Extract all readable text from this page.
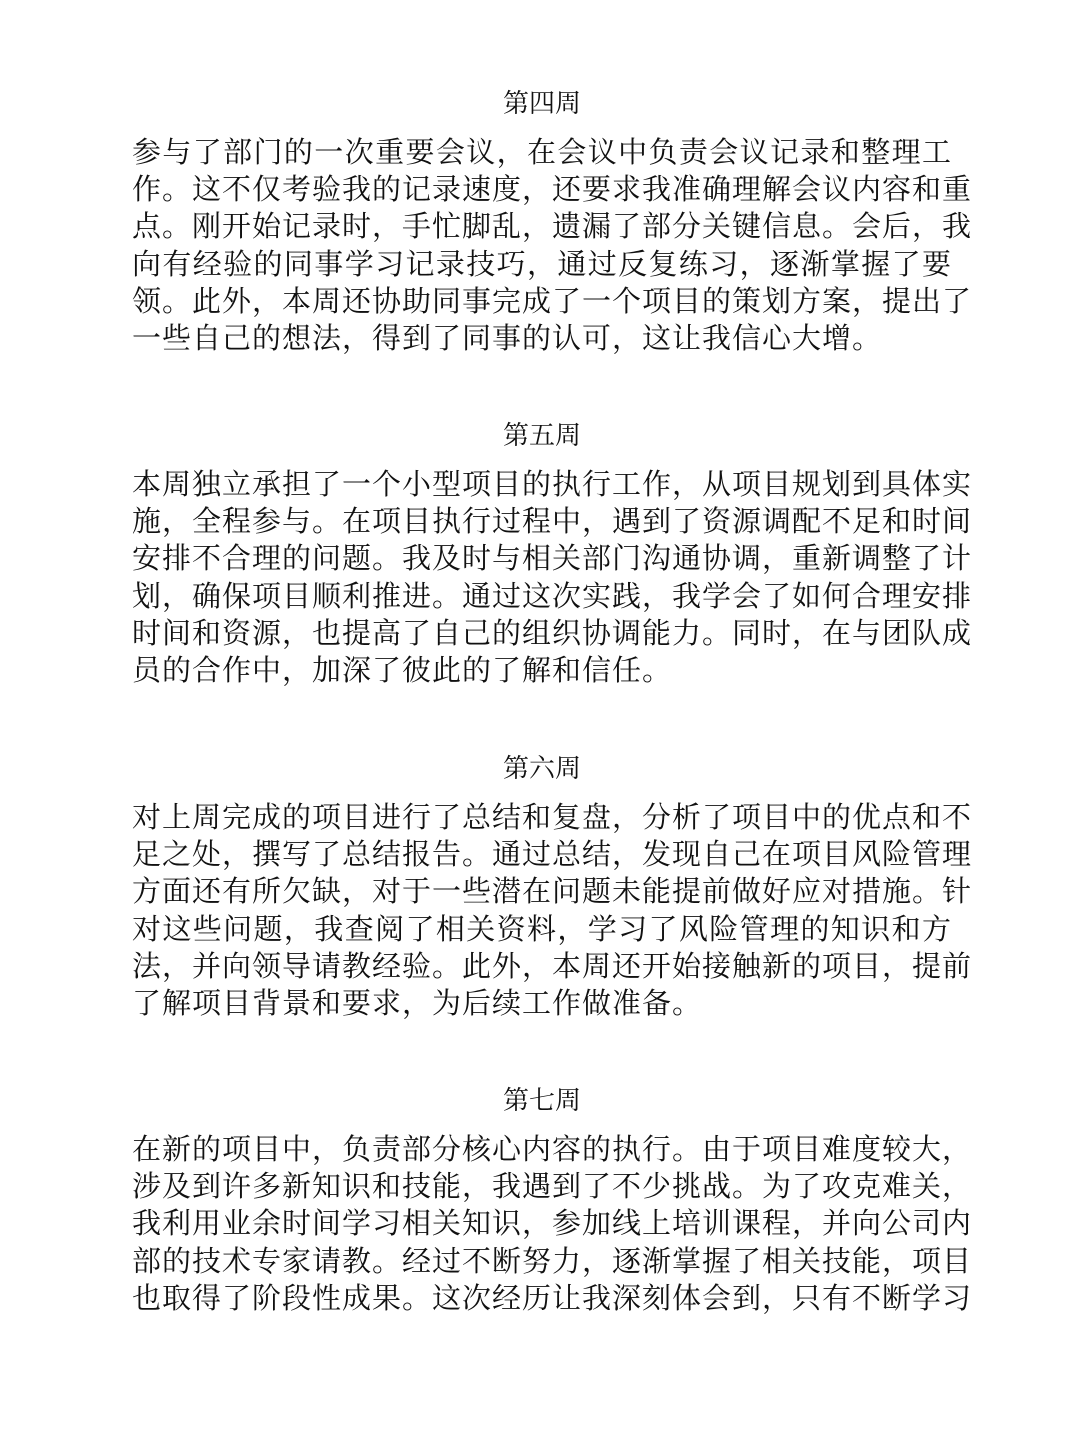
第四周
参与了部门的一次重要会议，在会议中负责会议记录和整理工
作。这不仅考验我的记录速度，还要求我准确理解会议内容和重
点。刚开始记录时，手忙脚乱，遗漏了部分关键信息。会后，我
向有经验的同事学习记录技巧，通过反复练习，逐渐掌握了要
领。此外，本周还协助同事完成了一个项目的策划方案，提出了
一些自己的想法，得到了同事的认可，这让我信心大增。
第五周
本周独立承担了一个小型项目的执行工作，从项目规划到具体实
施，全程参与。在项目执行过程中，遇到了资源调配不足和时间
安排不合理的问题。我及时与相关部门沟通协调，重新调整了计
划，确保项目顺利推进。通过这次实践，我学会了如何合理安排
时间和资源，也提高了自己的组织协调能力。同时，在与团队成
员的合作中，加深了彼此的了解和信任。
第六周
对上周完成的项目进行了总结和复盘，分析了项目中的优点和不
足之处，撰写了总结报告。通过总结，发现自己在项目风险管理
方面还有所欠缺，对于一些潜在问题未能提前做好应对措施。针
对这些问题，我查阅了相关资料，学习了风险管理的知识和方
法，并向领导请教经验。此外，本周还开始接触新的项目，提前
了解项目背景和要求，为后续工作做准备。
第七周
在新的项目中，负责部分核心内容的执行。由于项目难度较大，
涉及到许多新知识和技能，我遇到了不少挑战。为了攻克难关，
我利用业余时间学习相关知识，参加线上培训课程，并向公司内
部的技术专家请教。经过不断努力，逐渐掌握了相关技能，项目
也取得了阶段性成果。这次经历让我深刻体会到，只有不断学习
